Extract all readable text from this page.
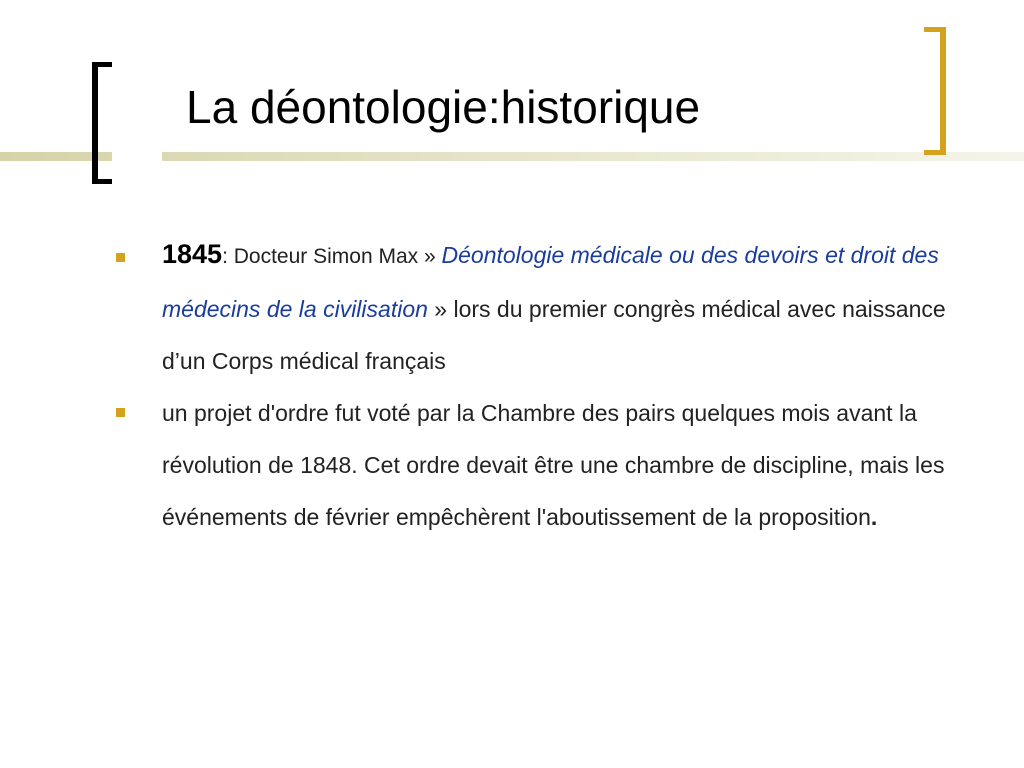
La déontologie:historique
1845: Docteur Simon Max » Déontologie médicale ou des devoirs et droit des médecins de la civilisation » lors du premier congrès médical avec naissance d’un Corps médical français
un projet d'ordre fut voté par la Chambre des pairs quelques mois avant la révolution de 1848. Cet ordre devait être une chambre de discipline, mais les événements de février empêchèrent l'aboutissement de la proposition.
